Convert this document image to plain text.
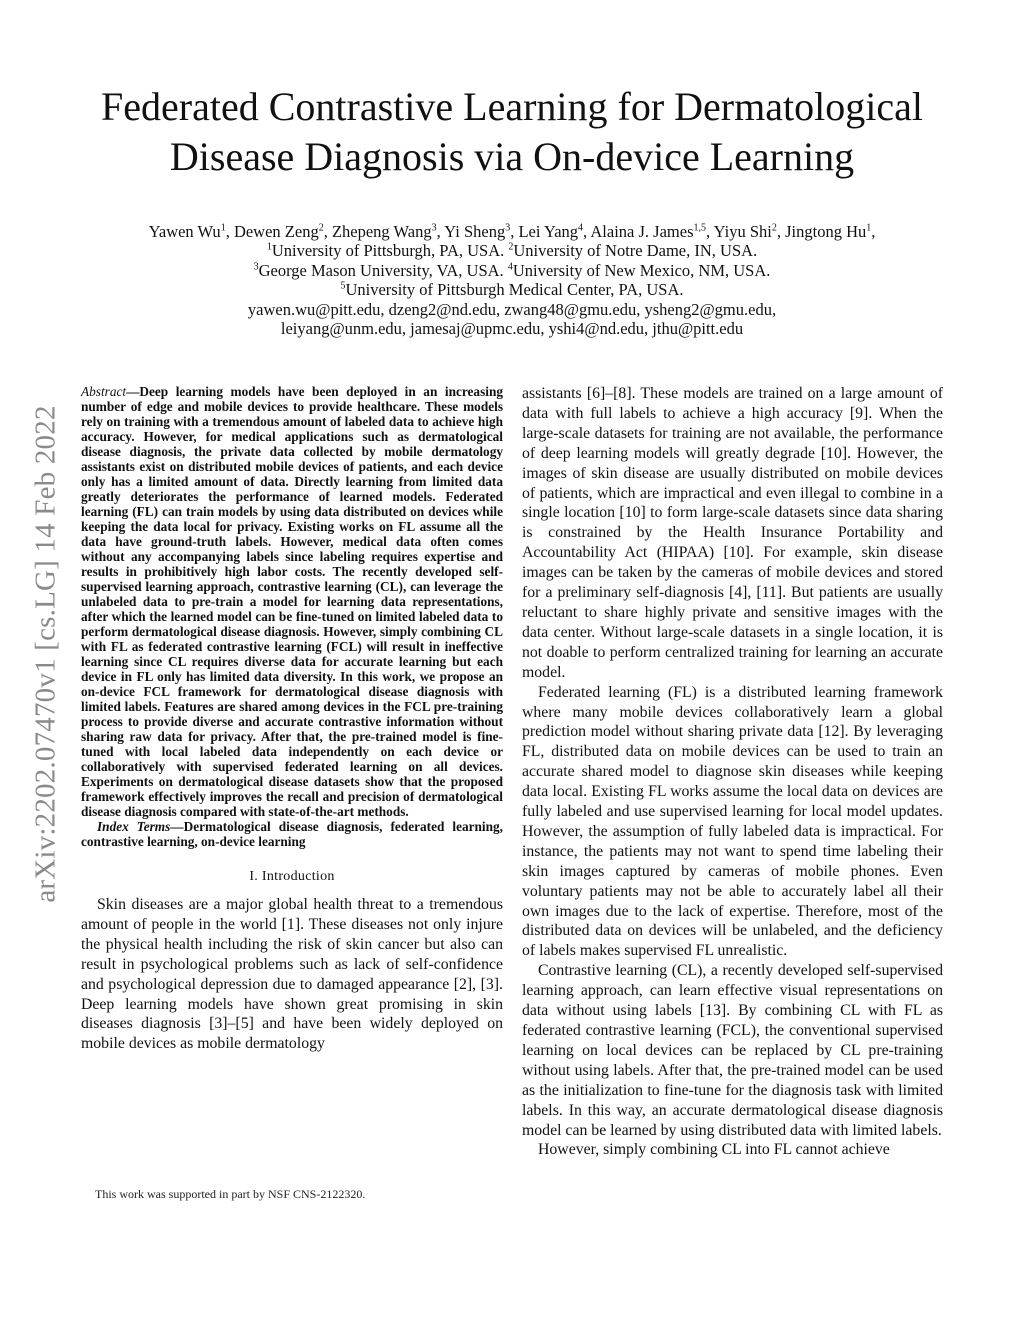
arXiv:2202.07470v1 [cs.LG] 14 Feb 2022
Federated Contrastive Learning for Dermatological
Disease Diagnosis via On-device Learning
Yawen Wu$^1$, Dewen Zeng$^2$, Zhepeng Wang$^3$, Yi Sheng$^3$, Lei Yang$^4$, Alaina J. James$^{1,5}$, Yiyu Shi$^2$, Jingtong Hu$^1$,
$^1$University of Pittsburgh, PA, USA. $^2$University of Notre Dame, IN, USA.
$^3$George Mason University, VA, USA. $^4$University of New Mexico, NM, USA.
$^5$University of Pittsburgh Medical Center, PA, USA.
yawen.wu@pitt.edu, dzeng2@nd.edu, zwang48@gmu.edu, ysheng2@gmu.edu,
leiyang@unm.edu, jamesaj@upmc.edu, yshi4@nd.edu, jthu@pitt.edu

Abstract—Deep learning models have been deployed in an increasing number of edge and mobile devices to provide healthcare. These models rely on training with a tremendous amount of labeled data to achieve high accuracy. However, for medical applications such as dermatological disease diagnosis, the private data collected by mobile dermatology assistants exist on distributed mobile devices of patients, and each device only has a limited amount of data. Directly learning from limited data greatly deteriorates the performance of learned models. Federated learning (FL) can train models by using data distributed on devices while keeping the data local for privacy. Existing works on FL assume all the data have ground-truth labels. However, medical data often comes without any accompanying labels since labeling requires expertise and results in prohibitively high labor costs. The recently developed self-supervised learning approach, contrastive learning (CL), can leverage the unlabeled data to pre-train a model for learning data representations, after which the learned model can be fine-tuned on limited labeled data to perform dermatological disease diagnosis. However, simply combining CL with FL as federated contrastive learning (FCL) will result in ineffective learning since CL requires diverse data for accurate learning but each device in FL only has limited data diversity. In this work, we propose an on-device FCL framework for dermatological disease diagnosis with limited labels. Features are shared among devices in the FCL pre-training process to provide diverse and accurate contrastive information without sharing raw data for privacy. After that, the pre-trained model is fine-tuned with local labeled data independently on each device or collaboratively with supervised federated learning on all devices. Experiments on dermatological disease datasets show that the proposed framework effectively improves the recall and precision of dermatological disease diagnosis compared with state-of-the-art methods.

Index Terms—Dermatological disease diagnosis, federated learning, contrastive learning, on-device learning

I. Introduction

Skin diseases are a major global health threat to a tremendous amount of people in the world [1]. These diseases not only injure the physical health including the risk of skin cancer but also can result in psychological problems such as lack of self-confidence and psychological depression due to damaged appearance [2], [3]. Deep learning models have shown great promising in skin diseases diagnosis [3]–[5] and have been widely deployed on mobile devices as mobile dermatology

This work was supported in part by NSF CNS-2122320.

assistants [6]–[8]. These models are trained on a large amount of data with full labels to achieve a high accuracy [9]. When the large-scale datasets for training are not available, the performance of deep learning models will greatly degrade [10]. However, the images of skin disease are usually distributed on mobile devices of patients, which are impractical and even illegal to combine in a single location [10] to form large-scale datasets since data sharing is constrained by the Health Insurance Portability and Accountability Act (HIPAA) [10]. For example, skin disease images can be taken by the cameras of mobile devices and stored for a preliminary self-diagnosis [4], [11]. But patients are usually reluctant to share highly private and sensitive images with the data center. Without large-scale datasets in a single location, it is not doable to perform centralized training for learning an accurate model.

Federated learning (FL) is a distributed learning framework where many mobile devices collaboratively learn a global prediction model without sharing private data [12]. By leveraging FL, distributed data on mobile devices can be used to train an accurate shared model to diagnose skin diseases while keeping data local. Existing FL works assume the local data on devices are fully labeled and use supervised learning for local model updates. However, the assumption of fully labeled data is impractical. For instance, the patients may not want to spend time labeling their skin images captured by cameras of mobile phones. Even voluntary patients may not be able to accurately label all their own images due to the lack of expertise. Therefore, most of the distributed data on devices will be unlabeled, and the deficiency of labels makes supervised FL unrealistic.

Contrastive learning (CL), a recently developed self-supervised learning approach, can learn effective visual representations on data without using labels [13]. By combining CL with FL as federated contrastive learning (FCL), the conventional supervised learning on local devices can be replaced by CL pre-training without using labels. After that, the pre-trained model can be used as the initialization to fine-tune for the diagnosis task with limited labels. In this way, an accurate dermatological disease diagnosis model can be learned by using distributed data with limited labels.

However, simply combining CL into FL cannot achieve
